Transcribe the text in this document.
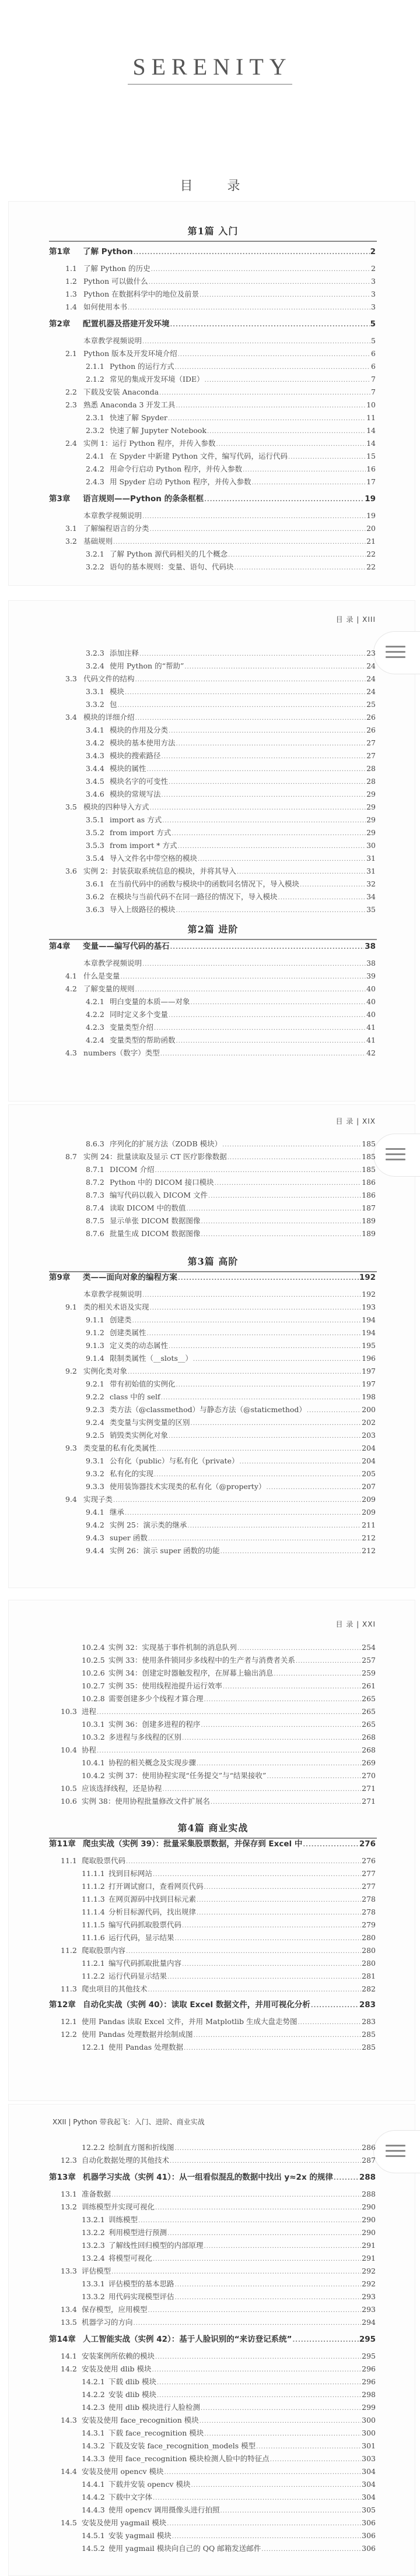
SERENITY
目 录
目 录 | XIII
目 录 | XIX
目 录 | XXI
XXII | Python 带我起飞：入门、进阶、商业实战
第1篇 入门
第1章	了解 Python .....	2
1.1 了解 Python 的历史 .....	2
1.2 Python 可以做什么 .....	3
1.3 Python 在数据科学中的地位及前景 .....	3
1.4 如何使用本书 .....	3
第2章	配置机器及搭建开发环境 .....	5
本章教学视频说明 .....	5
2.1 Python 版本及开发环境介绍 .....	6
2.1.1 Python 的运行方式 .....	6
2.1.2 常见的集成开发环境（IDE） .....	7
2.2 下载及安装 Anaconda .....	7
2.3 熟悉 Anaconda 3 开发工具 .....	10
2.3.1 快速了解 Spyder .....	11
2.3.2 快速了解 Jupyter Notebook .....	14
2.4 实例 1：运行 Python 程序，并传入参数 .....	14
2.4.1 在 Spyder 中新建 Python 文件，编写代码，运行代码 .....	15
2.4.2 用命令行启动 Python 程序，并传入参数 .....	16
2.4.3 用 Spyder 启动 Python 程序，并传入参数 .....	17
第3章	语言规则——Python 的条条框框 .....	19
本章教学视频说明 .....	19
3.1 了解编程语言的分类 .....	20
3.2 基础规则 .....	21
3.2.1 了解 Python 源代码相关的几个概念 .....	22
3.2.2 语句的基本规则：变量、语句、代码块 .....	22
第2篇 进阶
3.2.3 添加注释 .....	23
3.2.4 使用 Python 的“帮助” .....	24
3.3 代码文件的结构 .....	24
3.3.1 模块 .....	24
3.3.2 包 .....	25
3.4 模块的详细介绍 .....	26
3.4.1 模块的作用及分类 .....	26
3.4.2 模块的基本使用方法 .....	27
3.4.3 模块的搜索路径 .....	27
3.4.4 模块的属性 .....	28
3.4.5 模块名字的可变性 .....	28
3.4.6 模块的常规写法 .....	29
3.5 模块的四种导入方式 .....	29
3.5.1 import as 方式 .....	29
3.5.2 from import 方式 .....	29
3.5.3 from import * 方式 .....	30
3.5.4 导入文件名中带空格的模块 .....	31
3.6 实例 2：封装获取系统信息的模块，并将其导入 .....	31
3.6.1 在当前代码中的函数与模块中的函数同名情况下，导入模块 .....	32
3.6.2 在模块与当前代码不在同一路径的情况下，导入模块 .....	34
3.6.3 导入上级路径的模块 .....	35
第4章	变量——编写代码的基石 .....	38
本章教学视频说明 .....	38
4.1 什么是变量 .....	39
4.2 了解变量的规则 .....	40
4.2.1 明白变量的本质——对象 .....	40
4.2.2 同时定义多个变量 .....	40
4.2.3 变量类型介绍 .....	41
4.2.4 变量类型的帮助函数 .....	41
4.3 numbers（数字）类型 .....	42
第3篇 高阶
8.6.3 序列化的扩展方法（ZODB 模块） .....	185
8.7 实例 24：批量读取及显示 CT 医疗影像数据 .....	185
8.7.1 DICOM 介绍 .....	185
8.7.2 Python 中的 DICOM 接口模块 .....	186
8.7.3 编写代码以载入 DICOM 文件 .....	186
8.7.4 读取 DICOM 中的数值 .....	187
8.7.5 显示单张 DICOM 数据图像 .....	189
8.7.6 批量生成 DICOM 数据图像 .....	189
第9章	类——面向对象的编程方案 .....	192
本章教学视频说明 .....	192
9.1 类的相关术语及实现 .....	193
9.1.1 创建类 .....	194
9.1.2 创建类属性 .....	194
9.1.3 定义类的动态属性 .....	195
9.1.4 限制类属性（__slots__） .....	196
9.2 实例化类对象 .....	197
9.2.1 带有初始值的实例化 .....	197
9.2.2 class 中的 self .....	198
9.2.3 类方法（@classmethod）与静态方法（@staticmethod） .....	200
9.2.4 类变量与实例变量的区别 .....	202
9.2.5 销毁类实例化对象 .....	203
9.3 类变量的私有化类属性 .....	204
9.3.1 公有化（public）与私有化（private） .....	204
9.3.2 私有化的实现 .....	205
9.3.3 使用装饰器技术实现类的私有化（@property） .....	207
9.4 实现子类 .....	209
9.4.1 继承 .....	209
9.4.2 实例 25：演示类的继承 .....	211
9.4.3 super 函数 .....	212
9.4.4 实例 26：演示 super 函数的功能 .....	212
第4篇 商业实战
10.2.4 实例 32：实现基于事件机制的消息队列 .....	254
10.2.5 实例 33：使用条件锁同步多线程中的生产者与消费者关系 .....	257
10.2.6 实例 34：创建定时器触发程序，在屏幕上输出消息 .....	259
10.2.7 实例 35：使用线程池提升运行效率 .....	261
10.2.8 需要创建多少个线程才算合理 .....	265
10.3 进程 .....	265
10.3.1 实例 36：创建多进程的程序 .....	265
10.3.2 多进程与多线程的区别 .....	268
10.4 协程 .....	268
10.4.1 协程的相关概念及实现步骤 .....	269
10.4.2 实例 37：使用协程实现“任务提交”与“结果接收” .....	270
10.5 应该选择线程，还是协程 .....	271
10.6 实例 38：使用协程批量修改文件扩展名 .....	271
第11章 爬虫实战（实例 39）：批量采集股票数据，并保存到 Excel 中 .....	276
11.1 爬取股票代码 .....	276
11.1.1 找到目标网站 .....	277
11.1.2 打开调试窗口，查看网页代码 .....	277
11.1.3 在网页源码中找到目标元素 .....	278
11.1.4 分析目标源代码，找出规律 .....	278
11.1.5 编写代码抓取股票代码 .....	279
11.1.6 运行代码，显示结果 .....	280
11.2 爬取股票内容 .....	280
11.2.1 编写代码抓取批量内容 .....	280
11.2.2 运行代码显示结果 .....	281
11.3 爬虫项目的其他技术 .....	282
第12章 自动化实战（实例 40）：读取 Excel 数据文件，并用可视化分析 .....	283
12.1 使用 Pandas 读取 Excel 文件，并用 Matplotlib 生成大盘走势图 .....	283
12.2 使用 Pandas 处理数据并绘制成图 .....	285
12.2.1 使用 Pandas 处理数据 .....	285
12.2.2 绘制直方图和折线图 .....	286
12.3 自动化数据处理的其他技术 .....	287
第13章 机器学习实战（实例 41）：从一组看似混乱的数据中找出 y≈2x 的规律 .....	288
13.1 准备数据 .....	288
13.2 训练模型并实现可视化 .....	290
13.2.1 训练模型 .....	290
13.2.2 利用模型进行预测 .....	290
13.2.3 了解线性回归模型的内部原理 .....	291
13.2.4 将模型可视化 .....	291
13.3 评估模型 .....	292
13.3.1 评估模型的基本思路 .....	292
13.3.2 用代码实现模型评估 .....	293
13.4 保存模型，应用模型 .....	293
13.5 机器学习的方向 .....	294
第14章 人工智能实战（实例 42）：基于人脸识别的“来访登记系统” .....	295
14.1 安装案例所依赖的模块 .....	295
14.2 安装及使用 dlib 模块 .....	296
14.2.1 下载 dlib 模块 .....	296
14.2.2 安装 dlib 模块 .....	298
14.2.3 使用 dlib 模块进行人脸检测 .....	299
14.3 安装及使用 face_recognition 模块 .....	300
14.3.1 下载 face_recognition 模块 .....	300
14.3.2 下载及安装 face_recognition_models 模型 .....	301
14.3.3 使用 face_recognition 模块检测人脸中的特征点 .....	303
14.4 安装及使用 opencv 模块 .....	304
14.4.1 下载并安装 opencv 模块 .....	304
14.4.2 下载中文字体 .....	304
14.4.3 使用 opencv 调用摄像头进行拍照 .....	305
14.5 安装及使用 yagmail 模块 .....	306
14.5.1 安装 yagmail 模块 .....	306
14.5.2 使用 yagmail 模块向自己的 QQ 邮箱发送邮件 .....	306
